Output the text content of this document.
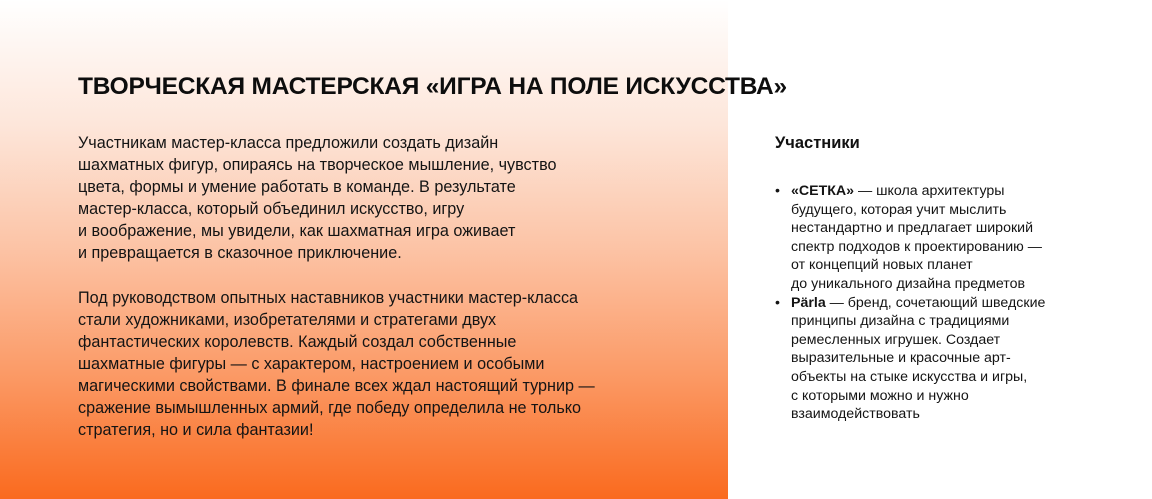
ТВОРЧЕСКАЯ МАСТЕРСКАЯ «ИГРА НА ПОЛЕ ИСКУССТВА»

Участникам мастер-класса предложили создать дизайн
шахматных фигур, опираясь на творческое мышление, чувство
цвета, формы и умение работать в команде. В результате
мастер-класса, который объединил искусство, игру
и воображение, мы увидели, как шахматная игра оживает
и превращается в сказочное приключение.

Под руководством опытных наставников участники мастер-класса
стали художниками, изобретателями и стратегами двух
фантастических королевств. Каждый создал собственные
шахматные фигуры — с характером, настроением и особыми
магическими свойствами. В финале всех ждал настоящий турнир —
сражение вымышленных армий, где победу определила не только
стратегия, но и сила фантазии!

Участники
• «СЕТКА» — школа архитектуры
будущего, которая учит мыслить
нестандартно и предлагает широкий
спектр подходов к проектированию —
от концепций новых планет
до уникального дизайна предметов
• Pärla — бренд, сочетающий шведские
принципы дизайна с традициями
ремесленных игрушек. Создает
выразительные и красочные арт-
объекты на стыке искусства и игры,
с которыми можно и нужно
взаимодействовать
